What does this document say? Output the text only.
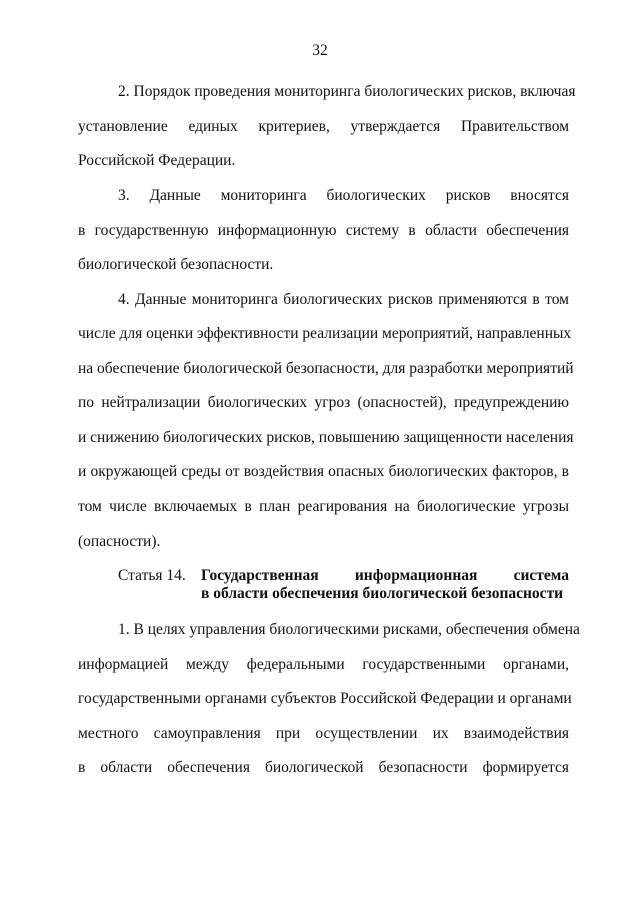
32
2. Порядок проведения мониторинга биологических рисков, включая
установление единых критериев, утверждается Правительством
Российской Федерации.
3. Данные мониторинга биологических рисков вносятся
в государственную информационную систему в области обеспечения
биологической безопасности.
4. Данные мониторинга биологических рисков применяются в том
числе для оценки эффективности реализации мероприятий, направленных
на обеспечение биологической безопасности, для разработки мероприятий
по нейтрализации биологических угроз (опасностей), предупреждению
и снижению биологических рисков, повышению защищенности населения
и окружающей среды от воздействия опасных биологических факторов, в
том числе включаемых в план реагирования на биологические угрозы
(опасности).
Статья 14. Государственная информационная система
в области обеспечения биологической безопасности
1. В целях управления биологическими рисками, обеспечения обмена
информацией между федеральными государственными органами,
государственными органами субъектов Российской Федерации и органами
местного самоуправления при осуществлении их взаимодействия
в области обеспечения биологической безопасности формируется
